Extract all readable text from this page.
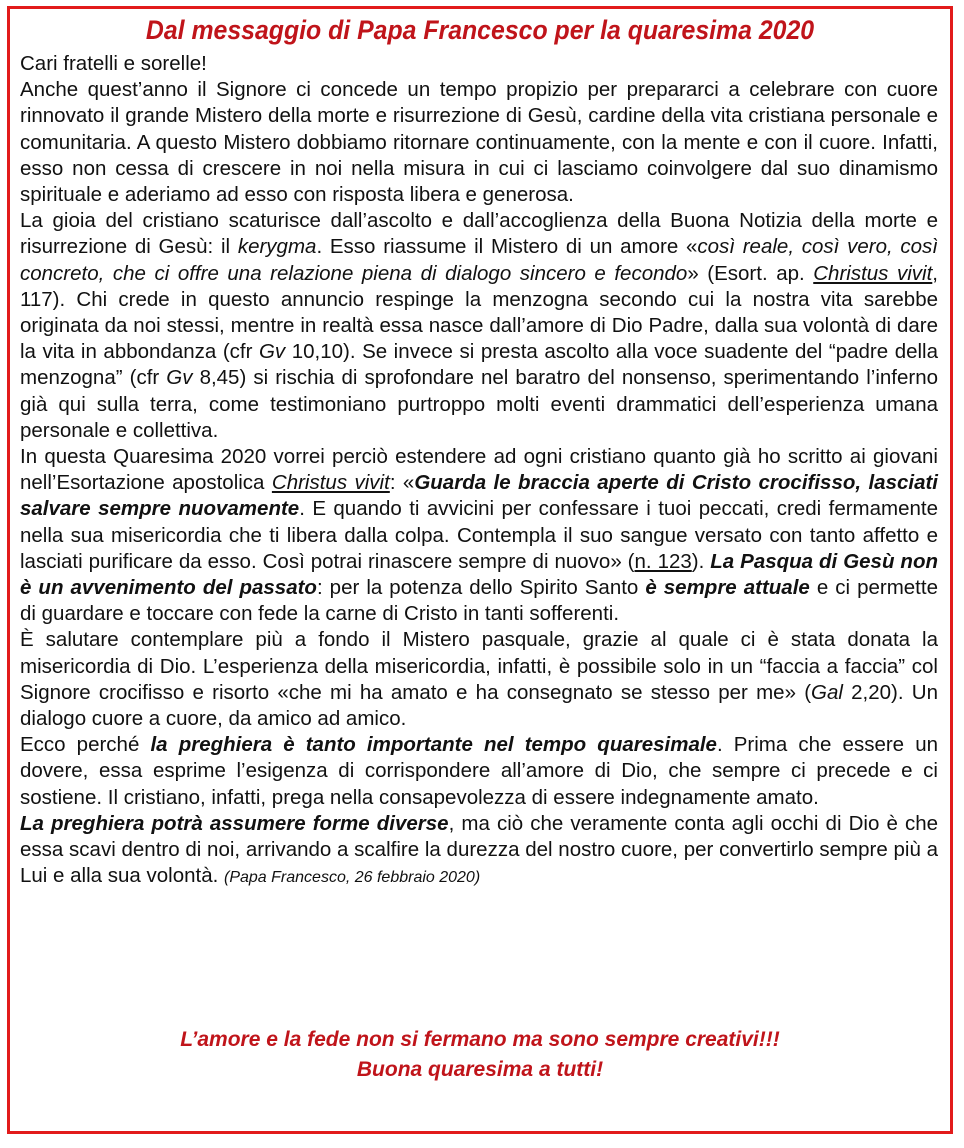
Dal messaggio di Papa Francesco per la quaresima 2020

Cari fratelli e sorelle!

Anche quest’anno il Signore ci concede un tempo propizio per prepararci a celebrare con cuore rinnovato il grande Mistero della morte e risurrezione di Gesù, cardine della vita cristiana personale e comunitaria. A questo Mistero dobbiamo ritornare continuamente, con la mente e con il cuore. Infatti, esso non cessa di crescere in noi nella misura in cui ci lasciamo coinvolgere dal suo dinamismo spirituale e aderiamo ad esso con risposta libera e generosa.

La gioia del cristiano scaturisce dall’ascolto e dall’accoglienza della Buona Notizia della morte e risurrezione di Gesù: il kerygma. Esso riassume il Mistero di un amore «così reale, così vero, così concreto, che ci offre una relazione piena di dialogo sincero e fecondo» (Esort. ap. Christus vivit, 117). Chi crede in questo annuncio respinge la menzogna secondo cui la nostra vita sarebbe originata da noi stessi, mentre in realtà essa nasce dall’amore di Dio Padre, dalla sua volontà di dare la vita in abbondanza (cfr Gv 10,10). Se invece si presta ascolto alla voce suadente del “padre della menzogna” (cfr Gv 8,45) si rischia di sprofondare nel baratro del nonsenso, sperimentando l’inferno già qui sulla terra, come testimoniano purtroppo molti eventi drammatici dell’esperienza umana personale e collettiva.

In questa Quaresima 2020 vorrei perciò estendere ad ogni cristiano quanto già ho scritto ai giovani nell’Esortazione apostolica Christus vivit: «Guarda le braccia aperte di Cristo crocifisso, lasciati salvare sempre nuovamente. E quando ti avvicini per confessare i tuoi peccati, credi fermamente nella sua misericordia che ti libera dalla colpa. Contempla il suo sangue versato con tanto affetto e lasciati purificare da esso. Così potrai rinascere sempre di nuovo» (n. 123). La Pasqua di Gesù non è un avvenimento del passato: per la potenza dello Spirito Santo è sempre attuale e ci permette di guardare e toccare con fede la carne di Cristo in tanti sofferenti.

È salutare contemplare più a fondo il Mistero pasquale, grazie al quale ci è stata donata la misericordia di Dio. L’esperienza della misericordia, infatti, è possibile solo in un “faccia a faccia” col Signore crocifisso e risorto «che mi ha amato e ha consegnato se stesso per me» (Gal 2,20). Un dialogo cuore a cuore, da amico ad amico.

Ecco perché la preghiera è tanto importante nel tempo quaresimale. Prima che essere un dovere, essa esprime l’esigenza di corrispondere all’amore di Dio, che sempre ci precede e ci sostiene. Il cristiano, infatti, prega nella consapevolezza di essere indegnamente amato.

La preghiera potrà assumere forme diverse, ma ciò che veramente conta agli occhi di Dio è che essa scavi dentro di noi, arrivando a scalfire la durezza del nostro cuore, per convertirlo sempre più a Lui e alla sua volontà. (Papa Francesco, 26 febbraio 2020)

L’amore e la fede non si fermano ma sono sempre creativi!!!
Buona quaresima a tutti!
